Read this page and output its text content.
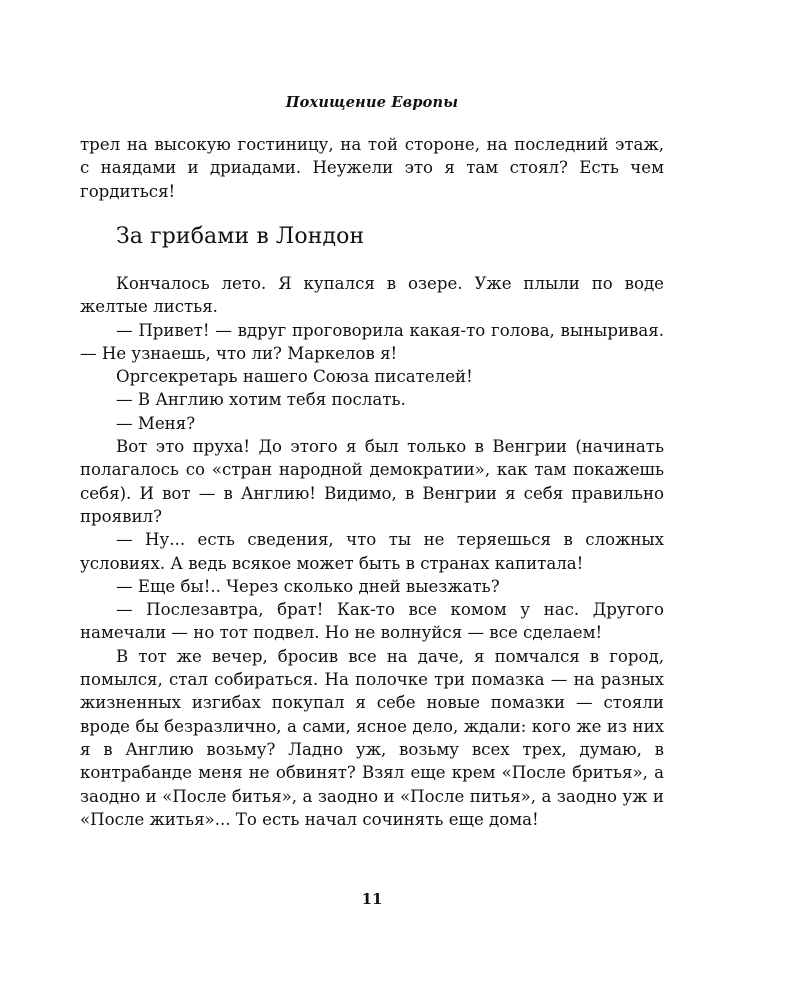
Похищение Европы

трел на высокую гостиницу, на той стороне, на последний этаж, с наядами и дриадами. Неужели это я там стоял? Есть чем гордиться!

За грибами в Лондон

Кончалось лето. Я купался в озере. Уже плыли по воде желтые листья.

— Привет! — вдруг проговорила какая-то голова, выныривая. — Не узнаешь, что ли? Маркелов я!

Оргсекретарь нашего Союза писателей!

— В Англию хотим тебя послать.

— Меня?

Вот это пруха! До этого я был только в Венгрии (начинать полагалось со «стран народной демократии», как там покажешь себя). И вот — в Англию! Видимо, в Венгрии я себя правильно проявил?

— Ну... есть сведения, что ты не теряешься в сложных условиях. А ведь всякое может быть в странах капитала!

— Еще бы!.. Через сколько дней выезжать?

— Послезавтра, брат! Как-то все комом у нас. Другого намечали — но тот подвел. Но не волнуйся — все сделаем!

В тот же вечер, бросив все на даче, я помчался в город, помылся, стал собираться. На полочке три помазка — на разных жизненных изгибах покупал я себе новые помазки — стояли вроде бы безразлично, а сами, ясное дело, ждали: кого же из них я в Англию возьму? Ладно уж, возьму всех трех, думаю, в контрабанде меня не обвинят? Взял еще крем «После бритья», а заодно и «После битья», а заодно и «После питья», а заодно уж и «После житья»... То есть начал сочинять еще дома!

11
